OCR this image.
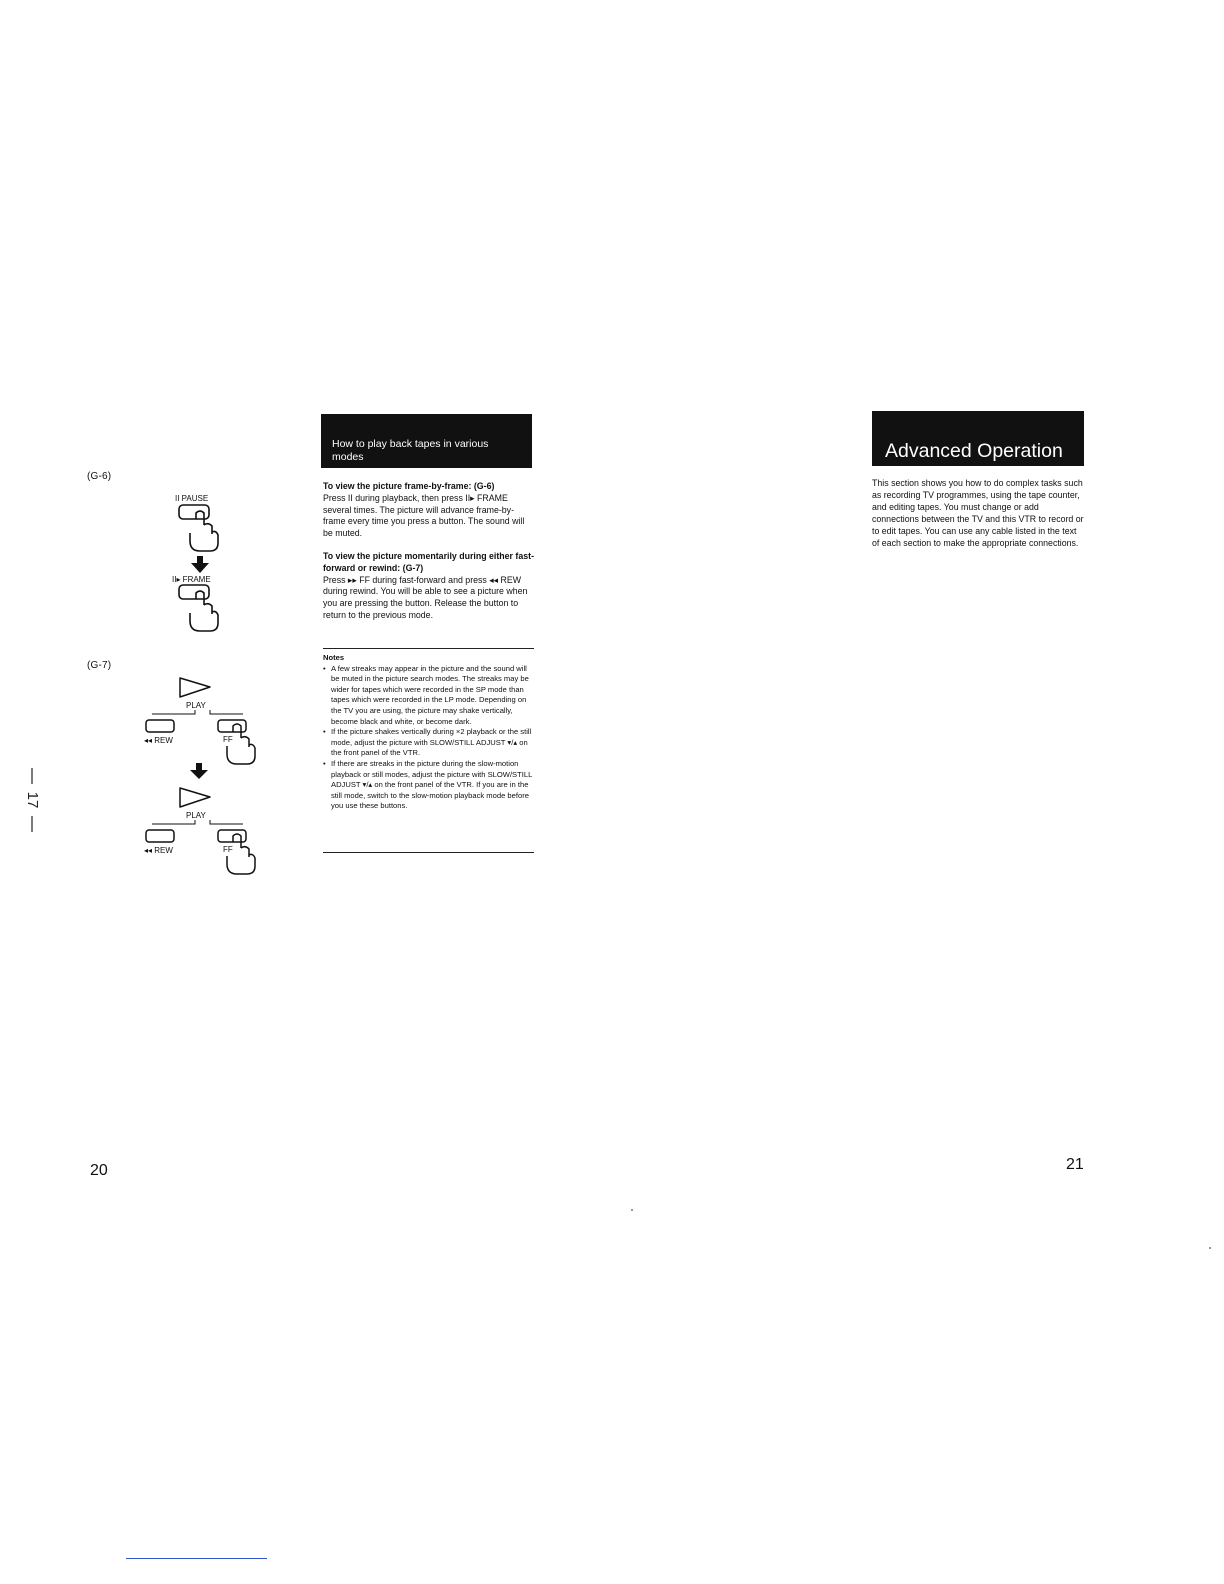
(G-6)
II PAUSE
II▸ FRAME
(G-7)
PLAY
◂◂ REW	FF
PLAY
◂◂ REW	FF
17
20
How to play back tapes in various modes

To view the picture frame-by-frame: (G-6)

Press II during playback, then press II▸ FRAME several times. The picture will advance frame-by-frame every time you press a button. The sound will be muted.

To view the picture momentarily during either fast-forward or rewind: (G-7)

Press ▸▸ FF during fast-forward and press ◂◂ REW during rewind. You will be able to see a picture when you are pressing the button. Release the button to return to the previous mode.

Notes
• A few streaks may appear in the picture and the sound will be muted in the picture search modes. The streaks may be wider for tapes which were recorded in the SP mode than tapes which were recorded in the LP mode. Depending on the TV you are using, the picture may shake vertically, become black and white, or become dark.
• If the picture shakes vertically during ×2 playback or the still mode, adjust the picture with SLOW/STILL ADJUST ▾/▴ on the front panel of the VTR.
• If there are streaks in the picture during the slow-motion playback or still modes, adjust the picture with SLOW/STILL ADJUST ▾/▴ on the front panel of the VTR. If you are in the still mode, switch to the slow-motion playback mode before you use these buttons.
Advanced Operation
This section shows you how to do complex tasks such as recording TV programmes, using the tape counter, and editing tapes. You must change or add connections between the TV and this VTR to record or to edit tapes. You can use any cable listed in the text of each section to make the appropriate connections.
21
